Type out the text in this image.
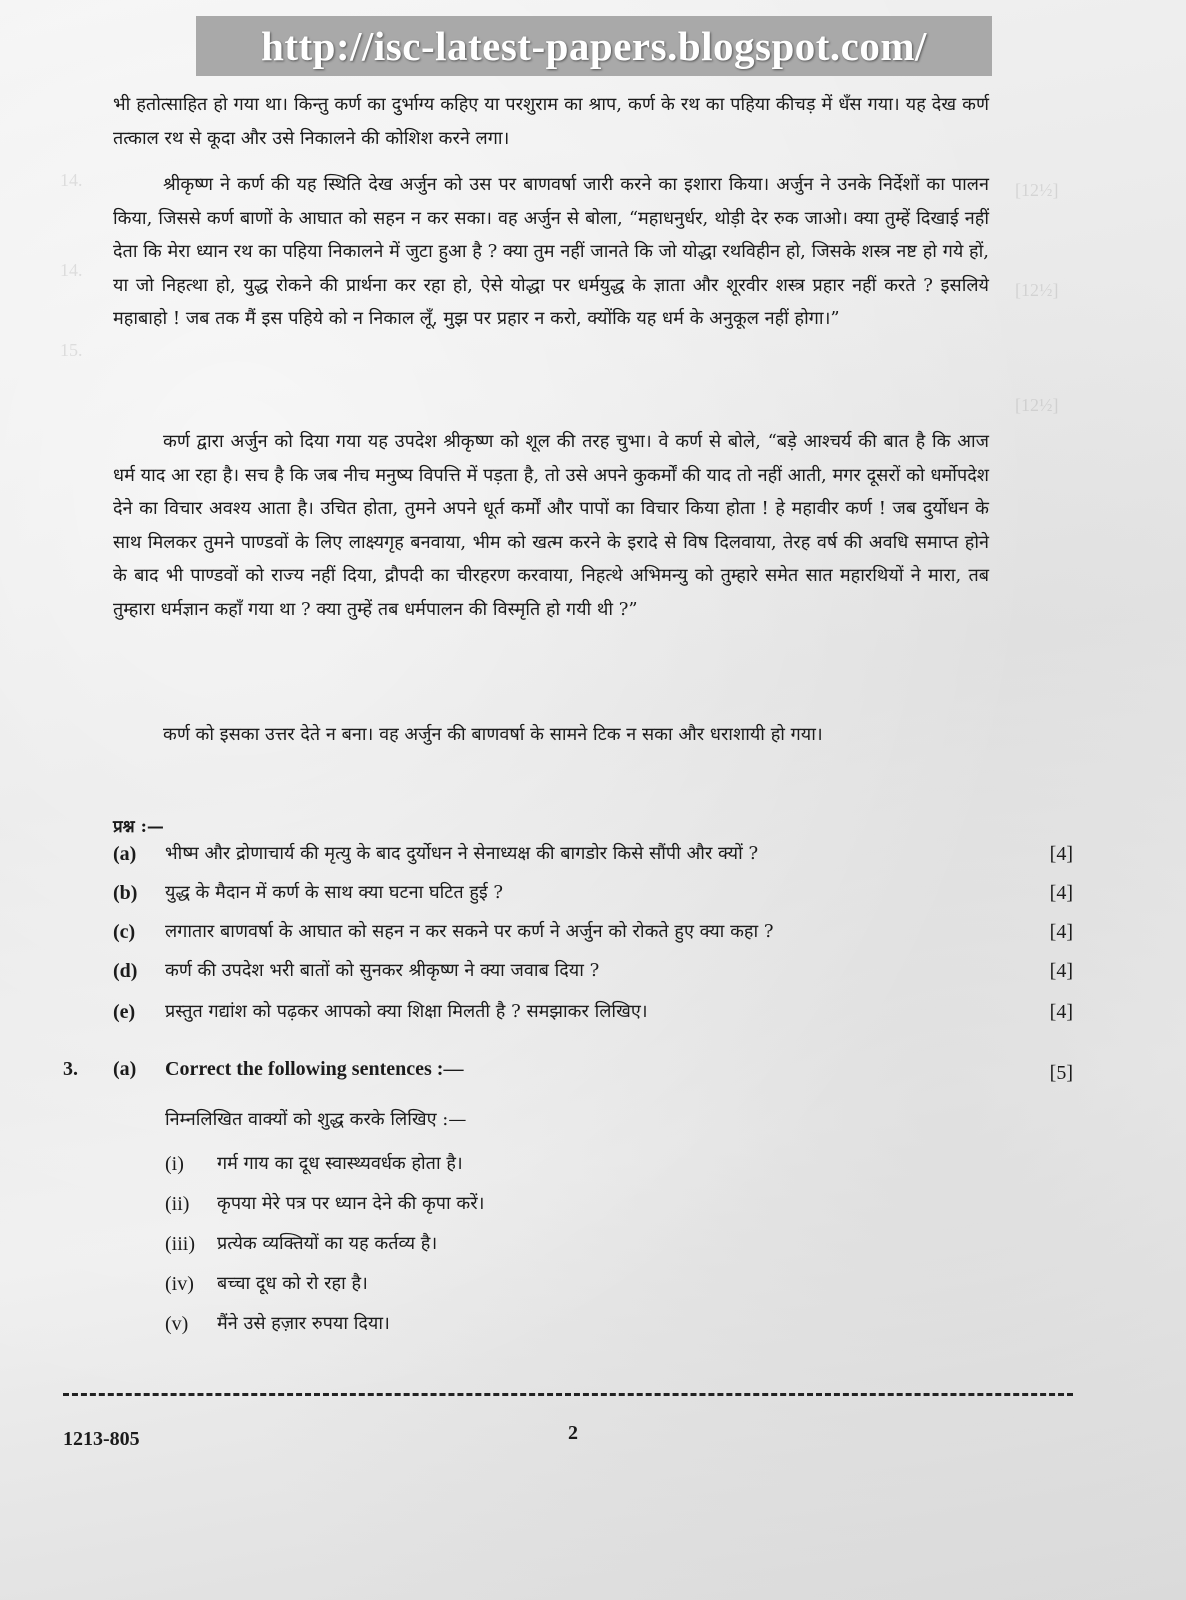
[12½]
[12½]
[12½]
14.
14.
15.
http://isc-latest-papers.blogspot.com/

भी हतोत्साहित हो गया था। किन्तु कर्ण का दुर्भाग्य कहिए या परशुराम का श्राप, कर्ण के रथ का पहिया कीचड़ में धँस गया। यह देख कर्ण तत्काल रथ से कूदा और उसे निकालने की कोशिश करने लगा।

श्रीकृष्ण ने कर्ण की यह स्थिति देख अर्जुन को उस पर बाणवर्षा जारी करने का इशारा किया। अर्जुन ने उनके निर्देशों का पालन किया, जिससे कर्ण बाणों के आघात को सहन न कर सका। वह अर्जुन से बोला, “महाधनुर्धर, थोड़ी देर रुक जाओ। क्या तुम्हें दिखाई नहीं देता कि मेरा ध्यान रथ का पहिया निकालने में जुटा हुआ है ? क्या तुम नहीं जानते कि जो योद्धा रथविहीन हो, जिसके शस्त्र नष्ट हो गये हों, या जो निहत्था हो, युद्ध रोकने की प्रार्थना कर रहा हो, ऐसे योद्धा पर धर्मयुद्ध के ज्ञाता और शूरवीर शस्त्र प्रहार नहीं करते ? इसलिये महाबाहो ! जब तक मैं इस पहिये को न निकाल लूँ, मुझ पर प्रहार न करो, क्योंकि यह धर्म के अनुकूल नहीं होगा।”

कर्ण द्वारा अर्जुन को दिया गया यह उपदेश श्रीकृष्ण को शूल की तरह चुभा। वे कर्ण से बोले, “बड़े आश्चर्य की बात है कि आज धर्म याद आ रहा है। सच है कि जब नीच मनुष्य विपत्ति में पड़ता है, तो उसे अपने कुकर्मों की याद तो नहीं आती, मगर दूसरों को धर्मोपदेश देने का विचार अवश्य आता है। उचित होता, तुमने अपने धूर्त कर्मों और पापों का विचार किया होता ! हे महावीर कर्ण ! जब दुर्योधन के साथ मिलकर तुमने पाण्डवों के लिए लाक्ष्यगृह बनवाया, भीम को खत्म करने के इरादे से विष दिलवाया, तेरह वर्ष की अवधि समाप्त होने के बाद भी पाण्डवों को राज्य नहीं दिया, द्रौपदी का चीरहरण करवाया, निहत्थे अभिमन्यु को तुम्हारे समेत सात महारथियों ने मारा, तब तुम्हारा धर्मज्ञान कहाँ गया था ? क्या तुम्हें तब धर्मपालन की विस्मृति हो गयी थी ?”

कर्ण को इसका उत्तर देते न बना। वह अर्जुन की बाणवर्षा के सामने टिक न सका और धराशायी हो गया।

प्रश्न :—
(a) भीष्म और द्रोणाचार्य की मृत्यु के बाद दुर्योधन ने सेनाध्यक्ष की बागडोर किसे सौंपी और क्यों ?	[4]
(b) युद्ध के मैदान में कर्ण के साथ क्या घटना घटित हुई ?	[4]
(c) लगातार बाणवर्षा के आघात को सहन न कर सकने पर कर्ण ने अर्जुन को रोकते हुए क्या कहा ?	[4]
(d) कर्ण की उपदेश भरी बातों को सुनकर श्रीकृष्ण ने क्या जवाब दिया ?	[4]
(e) प्रस्तुत गद्यांश को पढ़कर आपको क्या शिक्षा मिलती है ? समझाकर लिखिए।	[4]
3. (a) Correct the following sentences :—	[5]
निम्नलिखित वाक्यों को शुद्ध करके लिखिए :—
(i) गर्म गाय का दूध स्वास्थ्यवर्धक होता है।
(ii) कृपया मेरे पत्र पर ध्यान देने की कृपा करें।
(iii) प्रत्येक व्यक्तियों का यह कर्तव्य है।
(iv) बच्चा दूध को रो रहा है।
(v) मैंने उसे हज़ार रुपया दिया।
1213-805	2
